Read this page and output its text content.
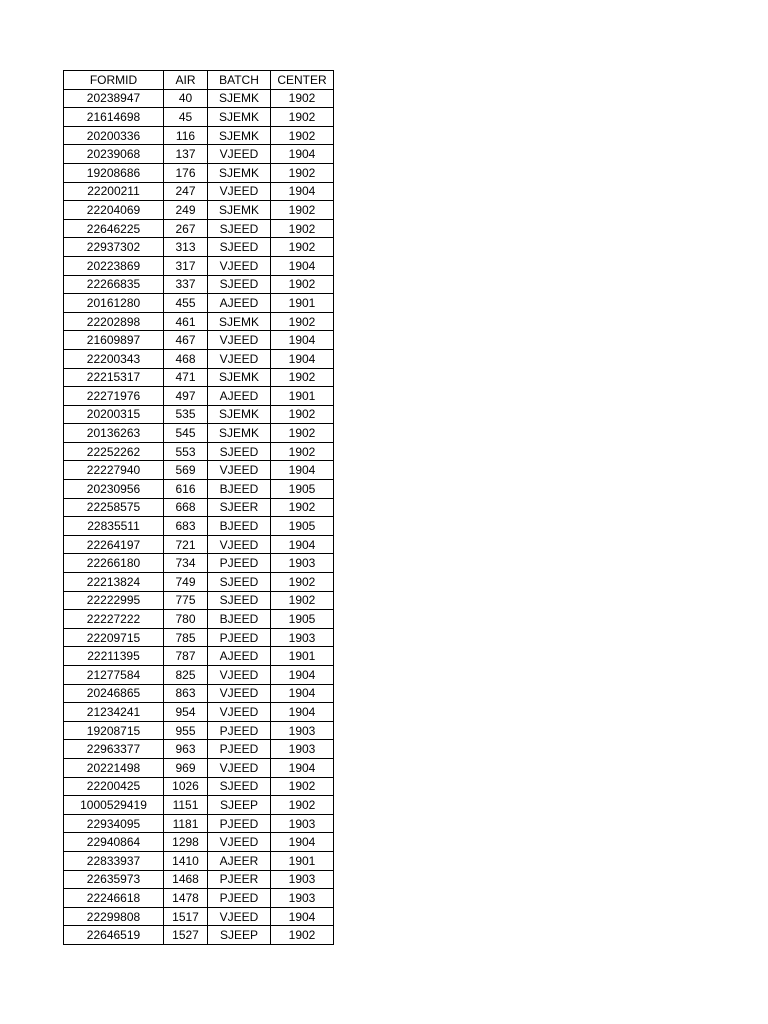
FORMID	AIR	BATCH	CENTER
20238947	40	SJEMK	1902
21614698	45	SJEMK	1902
20200336	116	SJEMK	1902
20239068	137	VJEED	1904
19208686	176	SJEMK	1902
22200211	247	VJEED	1904
22204069	249	SJEMK	1902
22646225	267	SJEED	1902
22937302	313	SJEED	1902
20223869	317	VJEED	1904
22266835	337	SJEED	1902
20161280	455	AJEED	1901
22202898	461	SJEMK	1902
21609897	467	VJEED	1904
22200343	468	VJEED	1904
22215317	471	SJEMK	1902
22271976	497	AJEED	1901
20200315	535	SJEMK	1902
20136263	545	SJEMK	1902
22252262	553	SJEED	1902
22227940	569	VJEED	1904
20230956	616	BJEED	1905
22258575	668	SJEER	1902
22835511	683	BJEED	1905
22264197	721	VJEED	1904
22266180	734	PJEED	1903
22213824	749	SJEED	1902
22222995	775	SJEED	1902
22227222	780	BJEED	1905
22209715	785	PJEED	1903
22211395	787	AJEED	1901
21277584	825	VJEED	1904
20246865	863	VJEED	1904
21234241	954	VJEED	1904
19208715	955	PJEED	1903
22963377	963	PJEED	1903
20221498	969	VJEED	1904
22200425	1026	SJEED	1902
1000529419	1151	SJEEP	1902
22934095	1181	PJEED	1903
22940864	1298	VJEED	1904
22833937	1410	AJEER	1901
22635973	1468	PJEER	1903
22246618	1478	PJEED	1903
22299808	1517	VJEED	1904
22646519	1527	SJEEP	1902
